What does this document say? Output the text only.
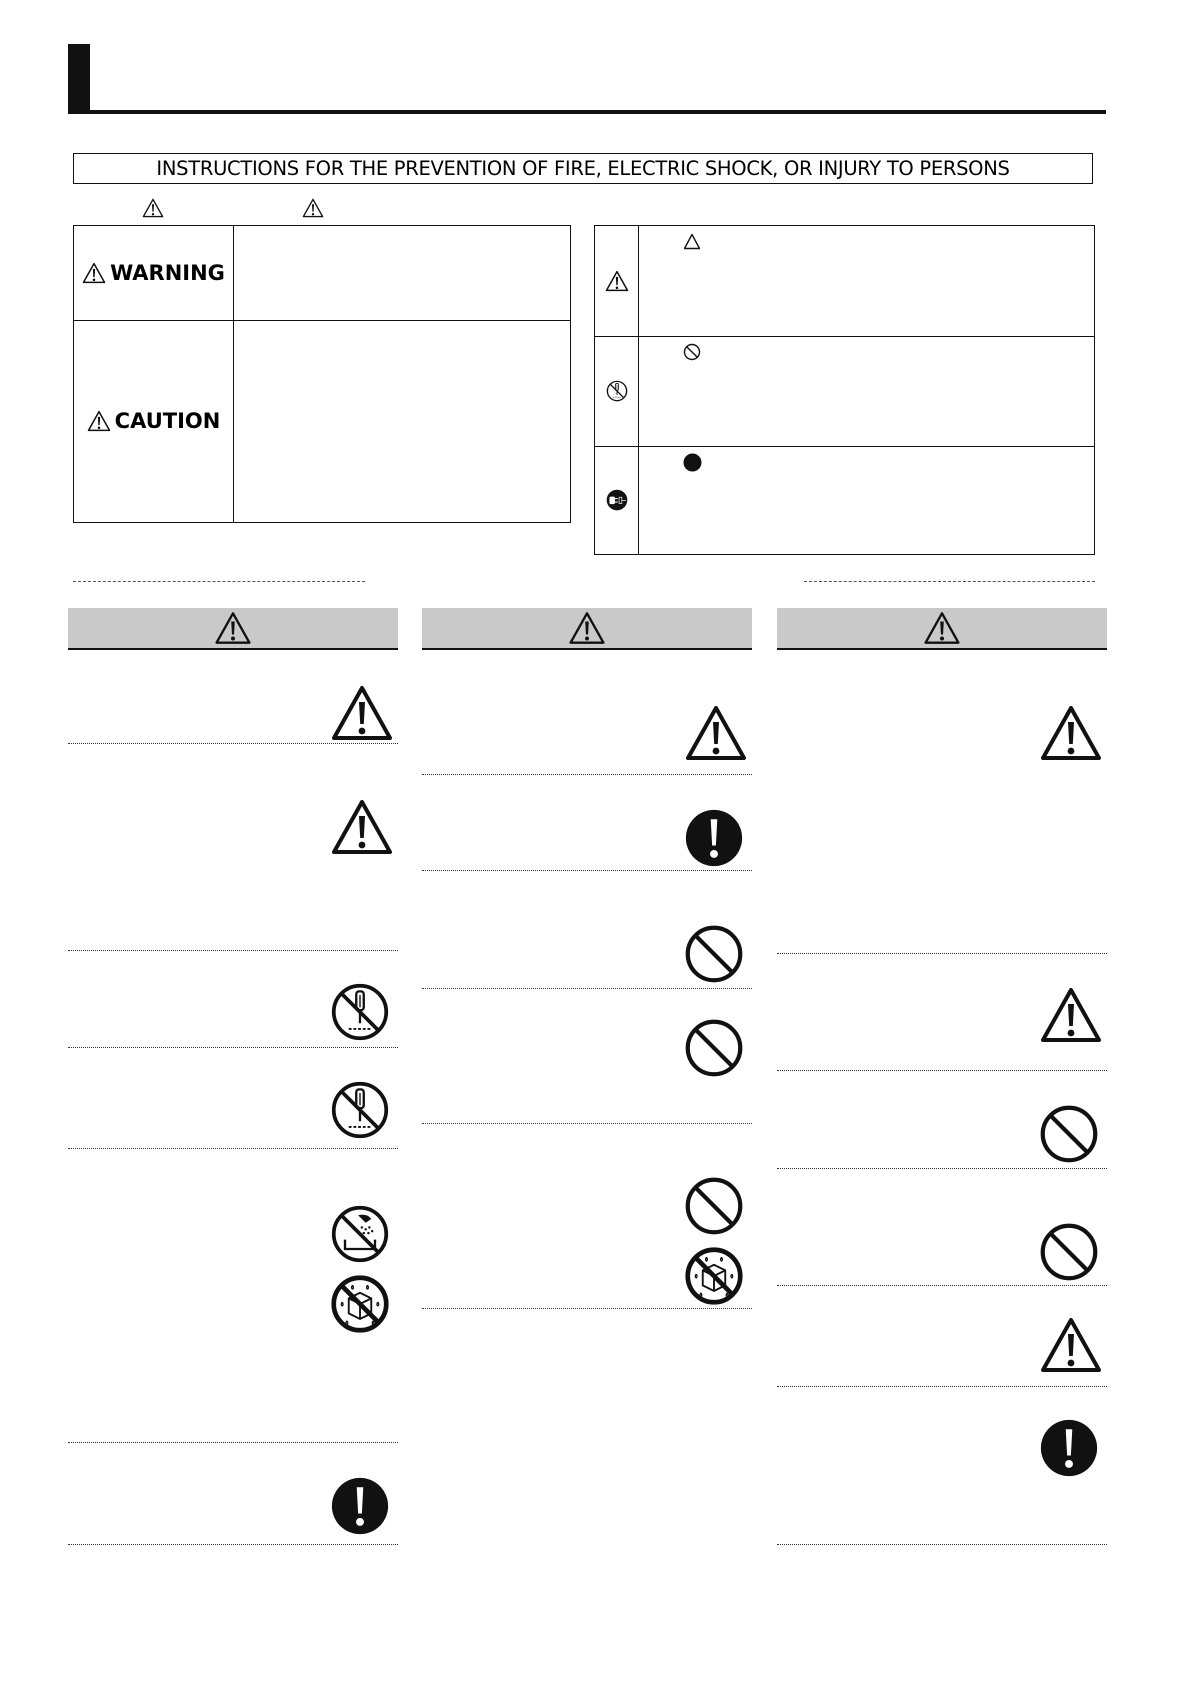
INSTRUCTIONS FOR THE PREVENTION OF FIRE, ELECTRIC SHOCK, OR INJURY TO PERSONS
WARNING
CAUTION
